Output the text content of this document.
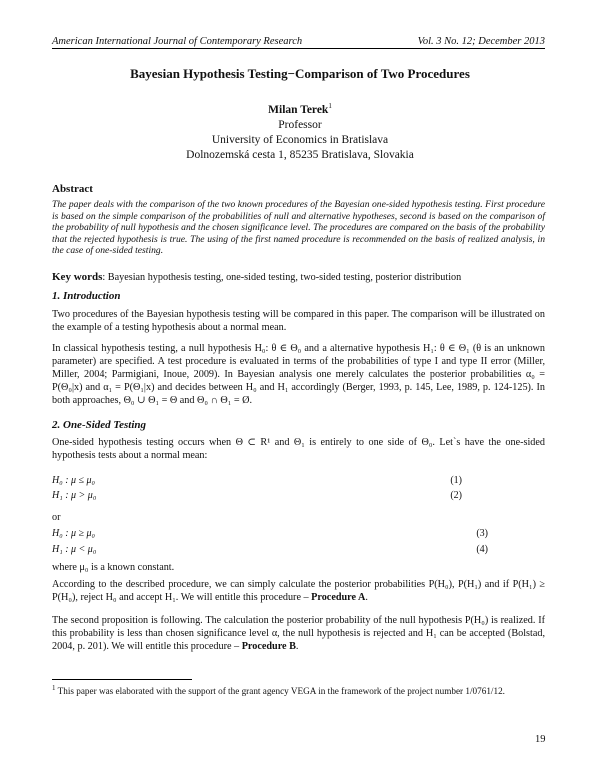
American International Journal of Contemporary Research	Vol. 3 No. 12; December 2013
Bayesian Hypothesis Testing−Comparison of Two Procedures
Milan Terek$^1$
Professor
University of Economics in Bratislava
Dolnozemská cesta 1, 85235 Bratislava, Slovakia
Abstract
The paper deals with the comparison of the two known procedures of the Bayesian one-sided hypothesis testing. First procedure is based on the simple comparison of the probabilities of null and alternative hypotheses, second is based on the comparison of the probability of null hypothesis and the chosen significance level. The procedures are compared on the basis of the probability that the rejected hypothesis is true. The using of the first named procedure is recommended on the basis of realized analysis, in the case of one-sided testing.
Key words: Bayesian hypothesis testing, one-sided testing, two-sided testing, posterior distribution
1. Introduction
Two procedures of the Bayesian hypothesis testing will be compared in this paper. The comparison will be illustrated on the example of a testing hypothesis about a normal mean.
In classical hypothesis testing, a null hypothesis H₀: θ ∈ Θ₀ and a alternative hypothesis H₁: θ ∈ Θ₁ (θ is an unknown parameter) are specified. A test procedure is evaluated in terms of the probabilities of type I and type II error (Miller, Miller, 2004; Parmigiani, Inoue, 2009). In Bayesian analysis one merely calculates the posterior probabilities α₀ = P(Θ₀|x) and α₁ = P(Θ₁|x) and decides between H₀ and H₁ accordingly (Berger, 1993, p. 145, Lee, 1989, p. 124-125). In both approaches, Θ₀ ∪ Θ₁ = Θ and Θ₀ ∩ Θ₁ = Ø.
2. One-Sided Testing
One-sided hypothesis testing occurs when Θ ⊂ R¹ and Θ₁ is entirely to one side of Θ₀. Let`s have the one-sided hypothesis tests about a normal mean:
H₀ : μ ≤ μ₀	(1)
H₁ : μ > μ₀	(2)
or
H₀ : μ ≥ μ₀	(3)
H₁ : μ < μ₀	(4)
where μ₀ is a known constant.
According to the described procedure, we can simply calculate the posterior probabilities P(H₀), P(H₁) and if P(H₁) ≥ P(H₀), reject H₀ and accept H₁. We will entitle this procedure – Procedure A.
The second proposition is following. The calculation the posterior probability of the null hypothesis P(H₀) is realized. If this probability is less than chosen significance level α, the null hypothesis is rejected and H₁ can be accepted (Bolstad, 2004, p. 201). We will entitle this procedure – Procedure B.
$^1$ This paper was elaborated with the support of the grant agency VEGA in the framework of the project number 1/0761/12.
19
